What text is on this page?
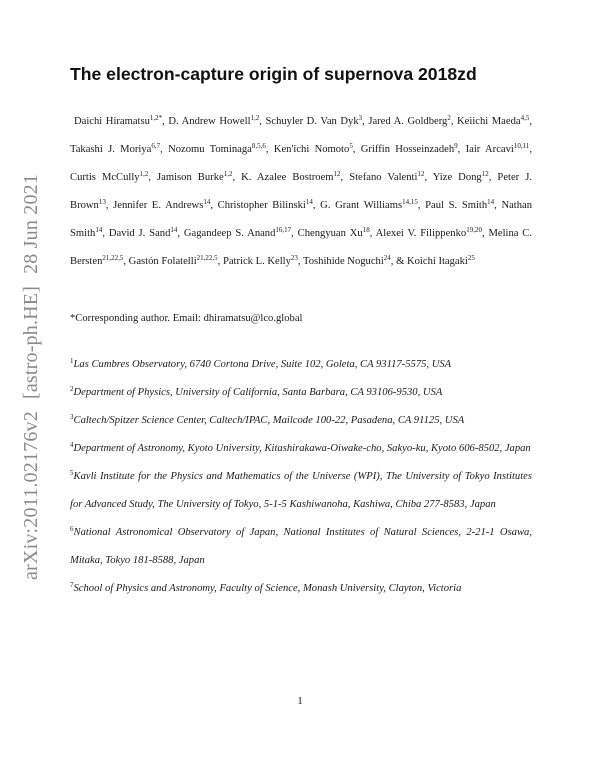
arXiv:2011.02176v2[astro-ph.HE]28 Jun 2021
The electron-capture origin of supernova 2018zd
Daichi Hiramatsu$^{1,2*}$, D. Andrew Howell$^{1,2}$, Schuyler D. Van Dyk$^3$, Jared A. Goldberg$^2$, Keiichi Maeda$^{4,5}$, Takashi J. Moriya$^{6,7}$, Nozomu Tominaga$^{8,5,6}$, Ken'ichi Nomoto$^5$, Griffin Hosseinzadeh$^9$, Iair Arcavi$^{10,11}$, Curtis McCully$^{1,2}$, Jamison Burke$^{1,2}$, K. Azalee Bostroem$^{12}$, Stefano Valenti$^{12}$, Yize Dong$^{12}$, Peter J. Brown$^{13}$, Jennifer E. Andrews$^{14}$, Christopher Bilinski$^{14}$, G. Grant Williams$^{14,15}$, Paul S. Smith$^{14}$, Nathan Smith$^{14}$, David J. Sand$^{14}$, Gagandeep S. Anand$^{16,17}$, Chengyuan Xu$^{18}$, Alexei V. Filippenko$^{19,20}$, Melina C. Bersten$^{21,22,5}$, Gastón Folatelli$^{21,22,5}$, Patrick L. Kelly$^{23}$, Toshihide Noguchi$^{24}$, & Koichi Itagaki$^{25}$
*Corresponding author. Email: dhiramatsu@lco.global
$^1$Las Cumbres Observatory, 6740 Cortona Drive, Suite 102, Goleta, CA 93117-5575, USA
$^2$Department of Physics, University of California, Santa Barbara, CA 93106-9530, USA
$^3$Caltech/Spitzer Science Center, Caltech/IPAC, Mailcode 100-22, Pasadena, CA 91125, USA
$^4$Department of Astronomy, Kyoto University, Kitashirakawa-Oiwake-cho, Sakyo-ku, Kyoto 606-8502, Japan
$^5$Kavli Institute for the Physics and Mathematics of the Universe (WPI), The University of Tokyo Institutes for Advanced Study, The University of Tokyo, 5-1-5 Kashiwanoha, Kashiwa, Chiba 277-8583, Japan
$^6$National Astronomical Observatory of Japan, National Institutes of Natural Sciences, 2-21-1 Osawa, Mitaka, Tokyo 181-8588, Japan
$^7$School of Physics and Astronomy, Faculty of Science, Monash University, Clayton, Victoria
1
